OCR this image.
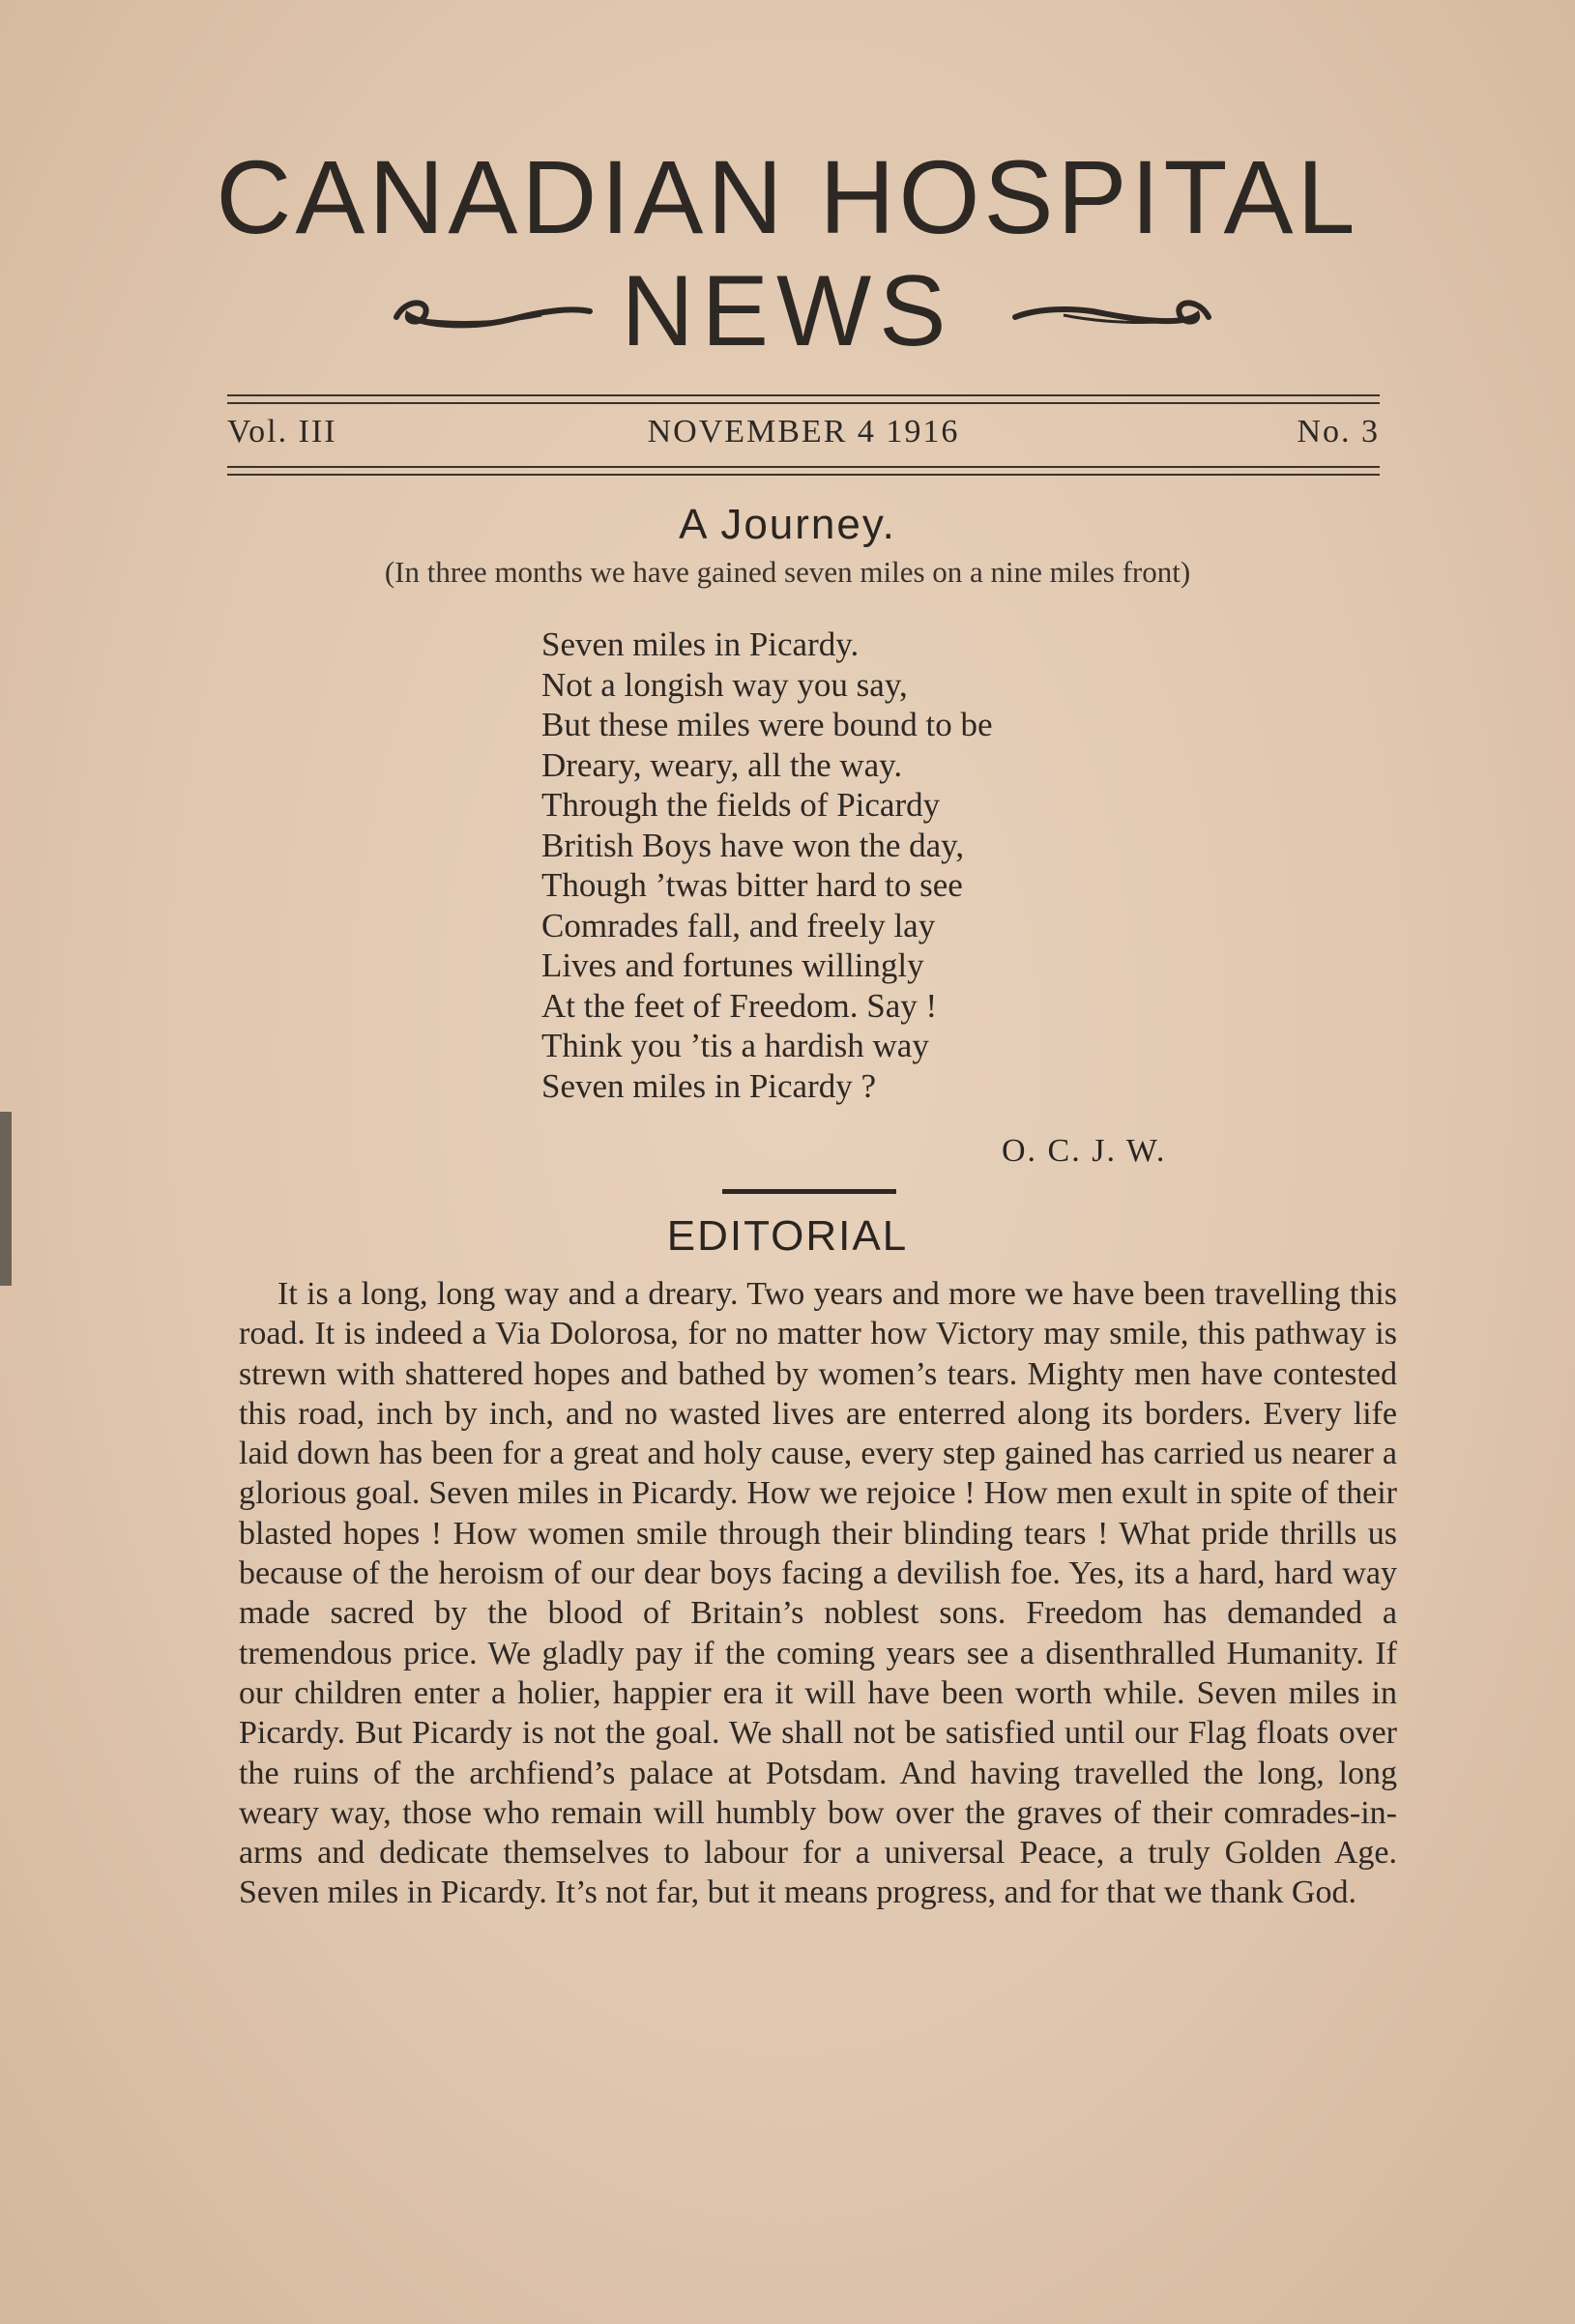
CANADIAN HOSPITAL
NEWS
NOVEMBER 4 1916
Vol. III	No. 3
A Journey.
(In three months we have gained seven miles on a nine miles front)
Seven miles in Picardy.
Not a longish way you say,
But these miles were bound to be
Dreary, weary, all the way.
Through the fields of Picardy
British Boys have won the day,
Though ’twas bitter hard to see
Comrades fall, and freely lay
Lives and fortunes willingly
At the feet of Freedom. Say !
Think you ’tis a hardish way
Seven miles in Picardy ?
O. C. J. W.
EDITORIAL
It is a long, long way and a dreary. Two years and more we have been travelling this road. It is indeed a Via Dolorosa, for no matter how Victory may smile, this pathway is strewn with shattered hopes and bathed by women’s tears. Mighty men have contested this road, inch by inch, and no wasted lives are enterred along its borders. Every life laid down has been for a great and holy cause, every step gained has carried us nearer a glorious goal. Seven miles in Picardy. How we rejoice ! How men exult in spite of their blasted hopes ! How women smile through their blinding tears ! What pride thrills us because of the heroism of our dear boys facing a devilish foe. Yes, its a hard, hard way made sacred by the blood of Britain’s noblest sons. Freedom has demanded a tremendous price. We gladly pay if the coming years see a disenthralled Humanity. If our children enter a holier, happier era it will have been worth while. Seven miles in Picardy. But Picardy is not the goal. We shall not be satisfied until our Flag floats over the ruins of the archfiend’s palace at Potsdam. And having travelled the long, long weary way, those who remain will humbly bow over the graves of their comrades-in-arms and dedicate themselves to labour for a universal Peace, a truly Golden Age. Seven miles in Picardy. It’s not far, but it means progress, and for that we thank God.
